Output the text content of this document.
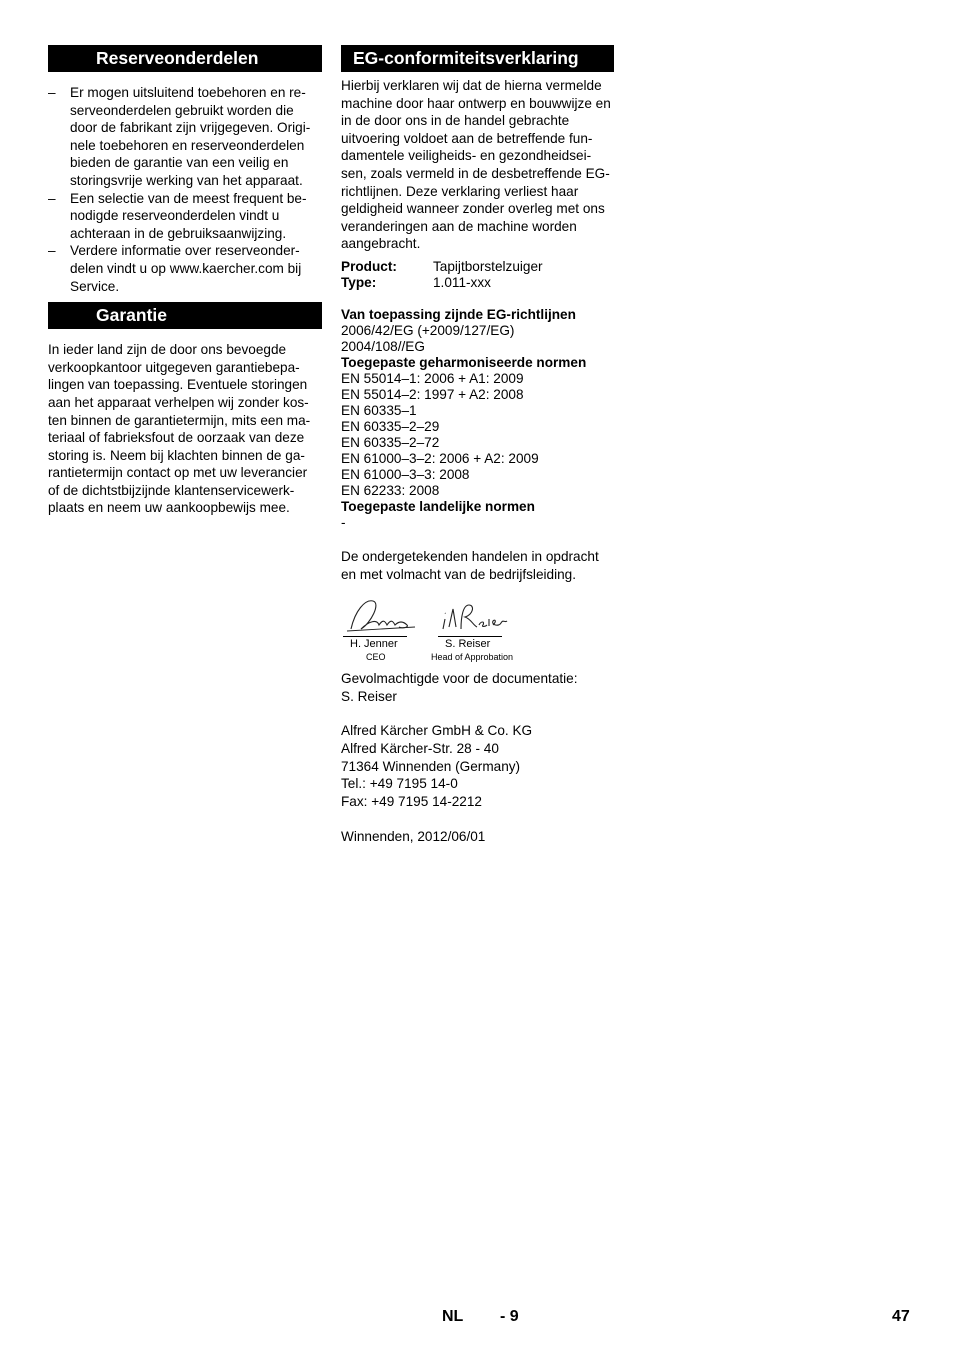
Reserveonderdelen
– Er mogen uitsluitend toebehoren en re-serveonderdelen gebruikt worden die door de fabrikant zijn vrijgegeven. Origi-nele toebehoren en reserveonderdelen bieden de garantie van een veilig en storingsvrije werking van het apparaat.
– Een selectie van de meest frequent be-nodigde reserveonderdelen vindt u achteraan in de gebruiksaanwijzing.
– Verdere informatie over reserveonder-delen vindt u op www.kaercher.com bij Service.
Garantie

In ieder land zijn de door ons bevoegde verkoopkantoor uitgegeven garantiebepa-lingen van toepassing. Eventuele storingen aan het apparaat verhelpen wij zonder kos-ten binnen de garantietermijn, mits een ma-teriaal of fabrieksfout de oorzaak van deze storing is. Neem bij klachten binnen de ga-rantietermijn contact op met uw leverancier of de dichtstbijzijnde klantenservicewerk-plaats en neem uw aankoopbewijs mee.

EG-conformiteitsverklaring

Hierbij verklaren wij dat de hierna vermelde machine door haar ontwerp en bouwwijze en in de door ons in de handel gebrachte uitvoering voldoet aan de betreffende fun-damentele veiligheids- en gezondheidsei-sen, zoals vermeld in de desbetreffende EG-richtlijnen. Deze verklaring verliest haar geldigheid wanneer zonder overleg met ons veranderingen aan de machine worden aangebracht.

Product:	Tapijtborstelzuiger
Type:	1.011-xxx
Van toepassing zijnde EG-richtlijnen
2006/42/EG (+2009/127/EG)
2004/108//EG
Toegepaste geharmoniseerde normen
EN 55014–1: 2006 + A1: 2009
EN 55014–2: 1997 + A2: 2008
EN 60335–1
EN 60335–2–29
EN 60335–2–72
EN 61000–3–2: 2006 + A2: 2009
EN 61000–3–3: 2008
EN 62233: 2008
Toegepaste landelijke normen
-

De ondergetekenden handelen in opdracht en met volmacht van de bedrijfsleiding.

H. Jenner
CEO
S. Reiser
Head of Approbation

Gevolmachtigde voor de documentatie:

S. Reiser

Alfred Kärcher GmbH & Co. KG
Alfred Kärcher-Str. 28 - 40
71364 Winnenden (Germany)
Tel.: +49 7195 14-0
Fax: +49 7195 14-2212

Winnenden, 2012/06/01

NL - 9	47
